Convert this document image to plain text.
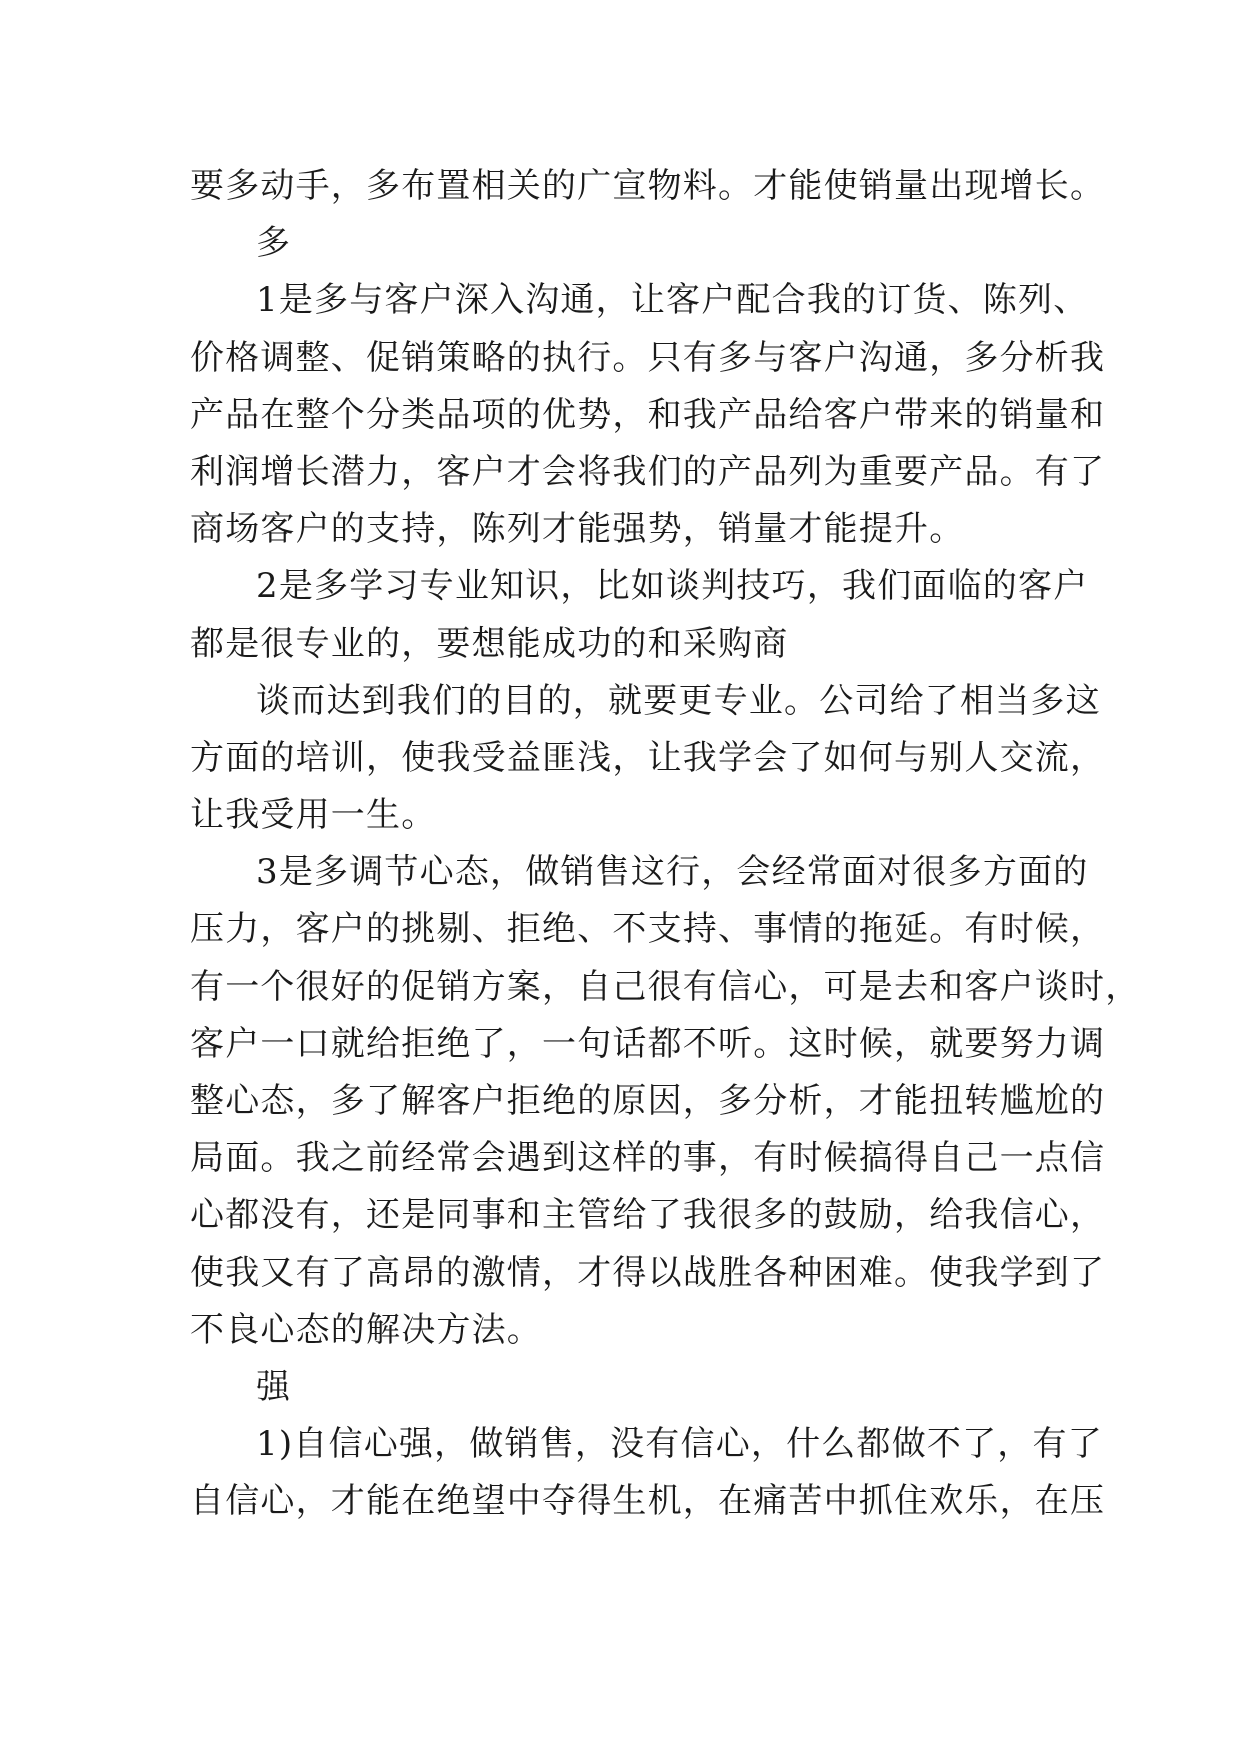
要多动手，多布置相关的广宣物料。才能使销量出现增长。
多
1是多与客户深入沟通，让客户配合我的订货、陈列、
价格调整、促销策略的执行。只有多与客户沟通，多分析我
产品在整个分类品项的优势，和我产品给客户带来的销量和
利润增长潜力，客户才会将我们的产品列为重要产品。有了
商场客户的支持，陈列才能强势，销量才能提升。
2是多学习专业知识，比如谈判技巧，我们面临的客户
都是很专业的，要想能成功的和采购商
谈而达到我们的目的，就要更专业。公司给了相当多这
方面的培训，使我受益匪浅，让我学会了如何与别人交流，
让我受用一生。
3是多调节心态，做销售这行，会经常面对很多方面的
压力，客户的挑剔、拒绝、不支持、事情的拖延。有时候，
有一个很好的促销方案，自己很有信心，可是去和客户谈时，
客户一口就给拒绝了，一句话都不听。这时候，就要努力调
整心态，多了解客户拒绝的原因，多分析，才能扭转尴尬的
局面。我之前经常会遇到这样的事，有时候搞得自己一点信
心都没有，还是同事和主管给了我很多的鼓励，给我信心，
使我又有了高昂的激情，才得以战胜各种困难。使我学到了
不良心态的解决方法。
强
1)自信心强，做销售，没有信心，什么都做不了，有了
自信心，才能在绝望中夺得生机，在痛苦中抓住欢乐，在压
